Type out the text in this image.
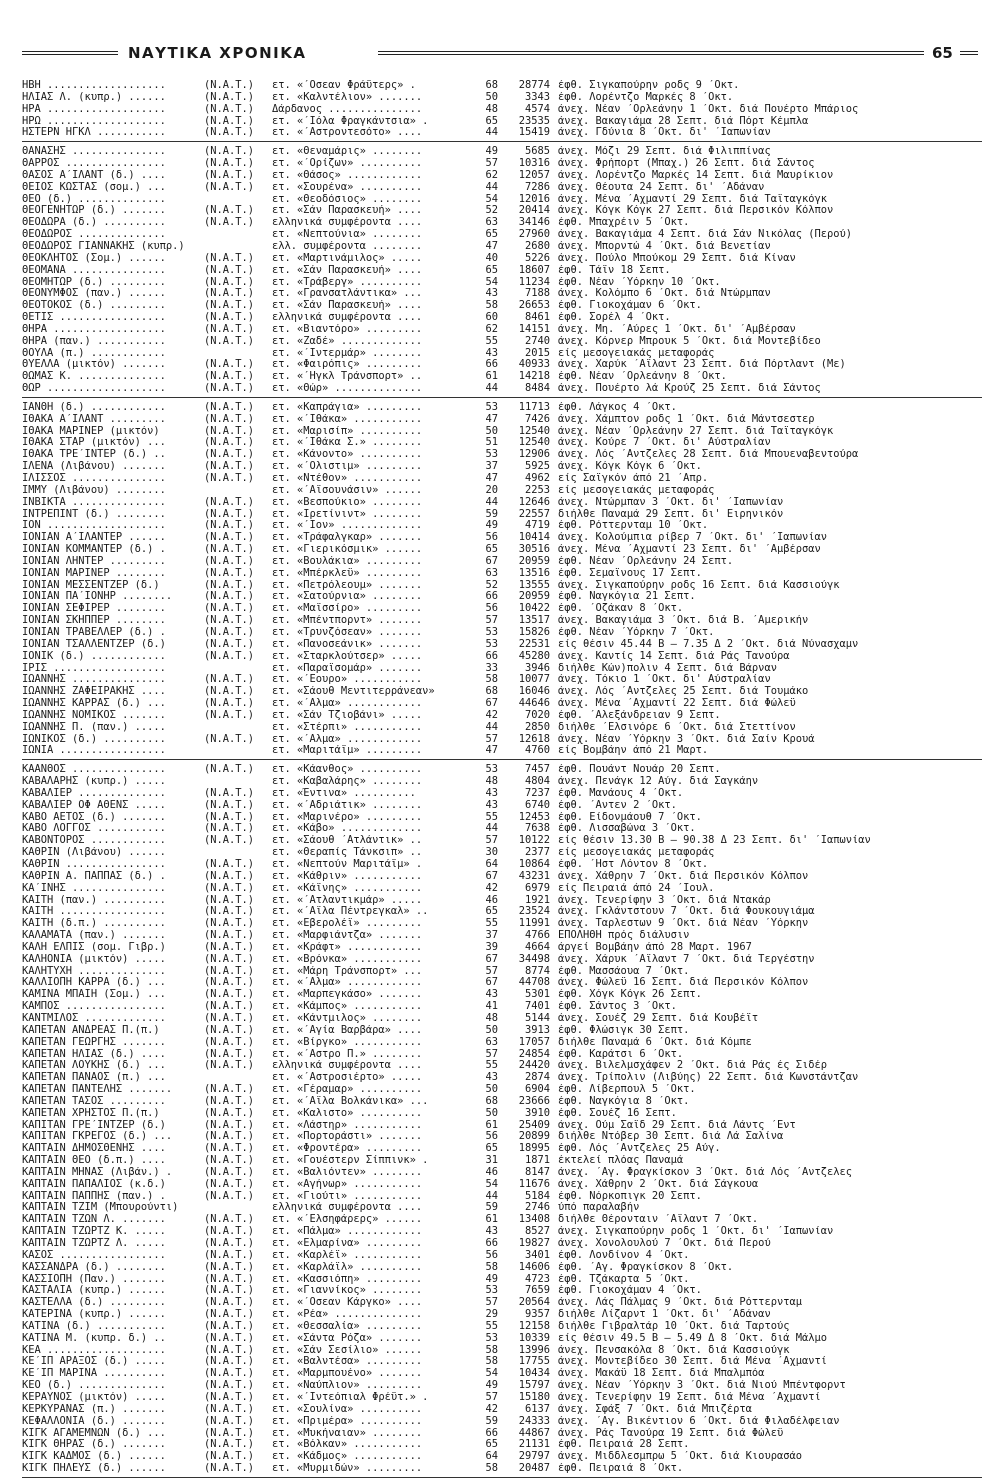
ΝΑΥΤΙΚΑ ΧΡΟΝΙΚΑ	65
ΗΒΗ ...................	(N.A.T.)	ετ. «΄Οσεαν Φράϋτερς» .	68	28774 έφθ. Σιγκαπούρην ροδς 9 ΄Οκτ.
ΗΛΙΑΣ Λ. (κυπρ.) ......	(N.A.T.)	ετ. «Καλντέλιον» .......	50	3343 έφθ. Λορέντζο Μαρκές 8 ΄Οκτ.
ΗΡΑ ...................	(N.A.T.)	Δάρδανος ...............	48	4574 άνεχ. Νέαν ΄Ορλεάνην 1 ΄Οκτ. διά Πουέρτο Μπάριος
ΗΡΩ ...................	(N.A.T.)	ετ. «΄Ιόλα Φραγκάντσια» .	65	23535 άνεχ. Βακαγιάμα 28 Σεπτ. διά Πόρτ Κέμπλα
ΗΣΤΕΡΝ ΗΓΚΛ ...........	(N.A.T.)	ετ. «΄Αστροντεσότο» ....	44	15419 άνεχ. Γδύνια 8 ΄Οκτ. δι' ΄Ιαπωνίαν
ΘΑΝΑΣΗΣ ...............	(N.A.T.)	ετ. «Θεναμάρις» ........	49	5685 άνεχ. Μόζι 29 Σεπτ. διά Φιλιππίνας
ΘΑΡΡΟΣ ................	(N.A.T.)	ετ. «΄Ορίζων» ..........	57	10316 άνεχ. Φρήπορτ (Μπαχ.) 26 Σεπτ. διά Σάντος
ΘΑΣΟΣ Α΄ΙΛΑΝΤ (δ.) ....	(N.A.T.)	ετ. «Θάσος» ............	62	12057 άνεχ. Λορέντζο Μαρκές 14 Σεπτ. διά Μαυρίκιον
ΘΕΙΟΣ ΚΩΣΤΑΣ (σομ.) ...	(N.A.T.)	ετ. «Σουρένα» ..........	44	7286 άνεχ. Θέουτα 24 Σεπτ. δι' ΄Αδάναν
ΘΕΟ (δ.) ..............	ετ. «Θεοδόσιος» ........	54	12016 άνεχ. Μένα ΄Αχμαντί 29 Σεπτ. διά Ταϊταγκόγκ
ΘΕΟΓΕΝΗΤΩΡ (δ.) .......	(N.A.T.)	ετ. «Σάν Παρασκευή» ....	52	20414 άνεχ. Κόγκ Κόγκ 27 Σεπτ. διά Περσικόν Κόλπον
ΘΕΟΔΩΡΑ (δ.) ..........	(N.A.T.)	ελληνικά συμφέροντα ....	63	34146 έφθ. Μπαχρέιν 5 ΄Οκτ.
ΘΕΟΔΩΡΟΣ ..............	ετ. «Νεπτούνια» ........	65	27960 άνεχ. Βακαγιάμα 4 Σεπτ. διά Σάν Νικόλας (Περού)
ΘΕΟΔΩΡΟΣ ΓΙΑΝΝΑΚΗΣ (κυπρ.)	ελλ. συμφέροντα ........	47	2680 άνεχ. Μπορντώ 4 ΄Οκτ. διά Βενετίαν
ΘΕΟΚΛΗΤΟΣ (Σομ.) ......	(N.A.T.)	ετ. «Μαρτινάμιλος» .....	40	5226 άνεχ. Πούλο Μπούκομ 29 Σεπτ. διά Κίναν
ΘΕΟΜΑΝΑ ...............	(N.A.T.)	ετ. «Σάν Παρασκευή» ....	65	18607 έφθ. Τάϊν 18 Σεπτ.
ΘΕΟΜΗΤΩΡ (δ.) .........	(N.A.T.)	ετ. «Τράβεργ» ..........	54	11234 έφθ. Νέαν ΄Υόρκην 10 ΄Οκτ.
ΘΕΟΝΥΜΦΟΣ (παν.) ......	(N.A.T.)	ετ. «Γρανσατλάντικα» ...	43	7188 άνεχ. Κολόμπο 6 ΄Οκτ. διά Ντώρμπαν
ΘΕΟΤΟΚΟΣ (δ.) .........	(N.A.T.)	ετ. «Σάν Παρασκευή» ....	58	26653 έφθ. Γιοκοχάμαν 6 ΄Οκτ.
ΘΕΤΙΣ .................	(N.A.T.)	ελληνικά συμφέροντα ....	60	8461 έφθ. Σορέλ 4 ΄Οκτ.
ΘΗΡΑ ..................	(N.A.T.)	ετ. «Βιαντόρο» .........	62	14151 άνεχ. Μη. ΄Αύρες 1 ΄Οκτ. δι' ΄Αμβέρσαν
ΘΗΡΑ (παν.) ...........	(N.A.T.)	ετ. «Ζαδέ» .............	55	2740 άνεχ. Κόρνερ Μπρουκ 5 ΄Οκτ. διά Μοντεβίδεο
ΘΟΥΛΑ (π.) ............	ετ. «΄Ιντερμάρ» ........	43	2015 είς μεσογειακάς μεταφοράς
ΘΥΕΛΛΑ (μικτόν) .......	(N.A.T.)	ετ. «Φαιρόπις» .........	66	40933 άνεχ. Χαρύκ ΄Αϊλαντ 23 Σεπτ. διά Πόρτλαντ (Με)
ΘΩΜΑΣ Κ. ..............	(N.A.T.)	ετ. «΄Ηγκλ Τράνσπορτ» ..	61	14218 έφθ. Νέαν ΄Ορλεάνην 8 ΄Οκτ.
ΘΩΡ ...................	(N.A.T.)	ετ. «Θώρ» ..............	44	8484 άνεχ. Πουέρτο λά Κρούζ 25 Σεπτ. διά Σάντος
ΙΑΝΘΗ (δ.) ............	(N.A.T.)	ετ. «Καπράγια» .........	53	11713 έφθ. Λάγκος 4 ΄Οκτ.
ΙΘΑΚΑ Α΄ΙΛΑΝΤ .........	(N.A.T.)	ετ. «΄Ιθάκα» ...........	47	7426 άνεχ. Χάμπτον ροδς 1 ΄Οκτ. διά Μάντσεστερ
ΙΘΑΚΑ ΜΑΡΙΝΕΡ (μικτόν)	(N.A.T.)	ετ. «Μαρισίπ» ..........	50	12540 άνεχ. Νέαν ΄Ορλεάνην 27 Σεπτ. διά Ταϊταγκόγκ
ΙΘΑΚΑ ΣΤΑΡ (μικτόν) ...	(N.A.T.)	ετ. «΄Ιθάκα Σ.» ........	51	12540 άνεχ. Κούρε 7 ΄Οκτ. δι' Αύστραλίαν
ΙΘΑΚΑ ΤΡΕ΄ΙΝΤΕΡ (δ.) ..	(N.A.T.)	ετ. «Κάνοντο» ..........	53	12906 άνεχ. Λός ΄Αντζελες 28 Σεπτ. διά Μπουεναβεντούρα
ΙΛΕΝΑ (Λιβάνου) .......	(N.A.T.)	ετ. «΄Ολιστιμ» .........	37	5925 άνεχ. Κόγκ Κόγκ 6 ΄Οκτ.
ΙΛΙΣΣΟΣ ...............	(N.A.T.)	ετ. «Ντέθον» ...........	47	4962 είς Σαϊγκόν άπό 21 ΄Απρ.
ΙΜΜΥ (Λιβάνου) ........	ετ. «΄Αϊσουνάσιν» ......	20	2253 είς μεσογειακάς μεταφοράς
ΙΝΒΙΚΤΑ ...............	(N.A.T.)	ετ. «Βεσπούκιο» ........	44	12646 άνεχ. Ντώρμπαν 3 ΄Οκτ. δι' ΄Ιαπωνίαν
ΙΝΤΡΕΠΙΝΤ (δ.) ........	(N.A.T.)	ετ. «Ιρετίνιντ» ........	59	22557 διήλθε Παναμά 29 Σεπτ. δι' Ειρηνικόν
ΙΟΝ ...................	(N.A.T.)	ετ. «΄Ιον» .............	49	4719 έφθ. Ρόττερνταμ 10 ΄Οκτ.
ΙΟΝΙΑΝ Α΄ΙΛΑΝΤΕΡ ......	(N.A.T.)	ετ. «Τράφαλγκαρ» .......	56	10414 άνεχ. Κολούμπια ρίβερ 7 ΄Οκτ. δι' ΄Ιαπωνίαν
ΙΟΝΙΑΝ ΚΟΜΜΑΝΤΕΡ (δ.) .	(N.A.T.)	ετ. «Γιερικόσμικ» ......	65	30516 άνεχ. Μένα ΄Αχμαντί 23 Σεπτ. δι' ΄Αμβέρσαν
ΙΟΝΙΑΝ ΛΗΝΤΕΡ .........	(N.A.T.)	ετ. «Βουλάκια» .........	67	20959 έφθ. Νέαν ΄Ορλεάνην 24 Σεπτ.
ΙΟΝΙΑΝ ΜΑΡΙΝΕΡ ........	(N.A.T.)	ετ. «Μπέρκλεϋ» .........	63	13516 έφθ. Σεμαϊνους 17 Σεπτ.
ΙΟΝΙΑΝ ΜΕΣΣΕΝΤΖΕΡ (δ.)	(N.A.T.)	ετ. «Πετρόλεουμ» .......	52	13555 άνεχ. Σιγκαπούρην ροδς 16 Σεπτ. διά Κασσιούγκ
ΙΟΝΙΑΝ ΠΑ΄ΙΟΝΗΡ ........	(N.A.T.)	ετ. «Σατούρνια» ........	66	20959 έφθ. Ναγκόγια 21 Σεπτ.
ΙΟΝΙΑΝ ΣΕΦΙΡΕΡ ........	(N.A.T.)	ετ. «Μαϊσσίρο» .........	56	10422 έφθ. ΄Οζάκαν 8 ΄Οκτ.
ΙΟΝΙΑΝ ΣΚΗΠΠΕΡ ........	(N.A.T.)	ετ. «Μπέντπορντ» .......	57	13517 άνεχ. Βακαγιάμα 3 ΄Οκτ. διά Β. ΄Αμερικήν
ΙΟΝΙΑΝ ΤΡΑΒΕΛΛΕΡ (δ.) .	(N.A.T.)	ετ. «Τρυνζόσεαν» .......	53	15826 έφθ. Νέαν ΄Υόρκην 7 ΄Οκτ.
ΙΟΝΙΑΝ ΤΣΑΛΛΕΝΤΖΕΡ (δ.)	(N.A.T.)	ετ. «Πανοσεάνικ» .......	53	22531 είς θέσιν 45.44 Β — 7.35 Δ 2 ΄Οκτ. διά Νύνασχαμν
ΙΟΝΙΚ (δ.) ............	(N.A.T.)	ετ. «Σταρκλούτσερ» .....	66	45280 άνεχ. Καντίς 14 Σεπτ. διά Ράς Τανούρα
ΙΡΙΣ ..................	ετ. «Παραϊσομάρ» .......	33	3946 διήλθε Κών)πολιν 4 Σεπτ. διά Βάρναν
ΙΩΑΝΝΗΣ ...............	(N.A.T.)	ετ. «΄Εουρο» ...........	58	10077 άνεχ. Τόκιο 1 ΄Οκτ. δι' Αύστραλίαν
ΙΩΑΝΝΗΣ ΖΑΦΕΙΡΑΚΗΣ ....	(N.A.T.)	ετ. «Σάουθ Μεντιτερράνεαν»	68	16046 άνεχ. Λός ΄Αντζελες 25 Σεπτ. διά Τουμάκο
ΙΩΑΝΝΗΣ ΚΑΡΡΑΣ (δ.) ...	(N.A.T.)	ετ. «΄Αλμα» ............	67	44646 άνεχ. Μένα ΄Αχμαντί 22 Σεπτ. διά Φώλεϋ
ΙΩΑΝΝΗΣ ΝΟΜΙΚΟΣ .......	(N.A.T.)	ετ. «Σάν Τζιοβάνι» .....	42	7020 έφθ. ΄Αλεξάνδρειαν 9 Σεπτ.
ΙΩΑΝΝΗΣ Π. (παν.) .....	ετ. «Στέρπι» ...........	44	2850 διήλθε ΄Ελσινόρε 6 ΄Οκτ. διά Στεττίνον
ΙΩΝΙΚΟΣ (δ.) ..........	(N.A.T.)	ετ. «΄Αλμα» ............	57	12618 άνεχ. Νέαν ΄Υόρκην 3 ΄Οκτ. διά Σαίν Κρουά
ΙΩΝΙΑ .................	ετ. «Μαριτάϊμ» .........	47	4760 είς Βομβάην άπό 21 Μαρτ.
ΚΑΑΝΘΟΣ ...............	(N.A.T.)	ετ. «Κάανθος» ..........	53	7457 έφθ. Πουάντ Νουάρ 20 Σεπτ.
ΚΑΒΑΛΑΡΗΣ (κυπρ.) .....	ετ. «Καβαλάρης» ........	48	4804 άνεχ. Πενάγκ 12 Αύγ. διά Σαγκάην
ΚΑΒΑΛΙΕΡ ..............	(N.A.T.)	ετ. «Έντινα» ..........	43	7237 έφθ. Μανάους 4 ΄Οκτ.
ΚΑΒΑΛΙΕΡ ΟΦ ΑΘΕΝΣ .....	(N.A.T.)	ετ. «΄Αδριάτικ» ........	43	6740 έφθ. ΄Αντεν 2 ΄Οκτ.
ΚΑΒΟ ΑΕΤΟΣ (δ.) .......	(N.A.T.)	ετ. «Μαρινέρο» .........	55	12453 έφθ. Είδονμάουθ 7 ΄Οκτ.
ΚΑΒΟ ΛΟΓΓΟΣ ...........	(N.A.T.)	ετ. «Κάβο» .............	44	7638 έφθ. Λισσαβώνα 3 ΄Οκτ.
ΚΑΒΟΝΤΟΡΟΣ ............	(N.A.T.)	ετ. «Σάουθ ΄Ατλάντικ» ..	57	10122 είς θέσιν 13.30 Β — 90.38 Δ 23 Σεπτ. δι' ΄Ιαπωνίαν
ΚΑΘΡΙΝ (Λιβάνου) ......	ετ. «Θεραπίς Τάνκσιπ» ..	30	2377 είς μεσογειακάς μεταφοράς
ΚΑΘΡΙΝ ................	(N.A.T.)	ετ. «Νεπτούν Μαριτάϊμ» .	64	10864 έφθ. ΄Ηστ Λόντον 8 ΄Οκτ.
ΚΑΘΡΙΝ Α. ΠΑΠΠΑΣ (δ.) .	(N.A.T.)	ετ. «Κάθριν» ...........	67	43231 άνεχ. Χάθρην 7 ΄Οκτ. διά Περσικόν Κόλπον
ΚΑ΄ΙΝΗΣ ...............	(N.A.T.)	ετ. «Κάϊνης» ...........	42	6979 είς Πειραιά άπό 24 ΄Ιουλ.
ΚΑΙΤΗ (παν.) ..........	(N.A.T.)	ετ. «΄Ατλαντικμάρ» .....	46	1921 άνεχ. Τενερίφην 3 ΄Οκτ. διά Ντακάρ
ΚΑΙΤΗ .................	(N.A.T.)	ετ. «΄Αϊλα Πέντρεγκαλ» ..	65	23524 άνεχ. Γκλάντστουν 7 ΄Οκτ. διά Φουκουγιάμα
ΚΑΙΤΗ (δ.π.) ..........	(N.A.T.)	ετ. «Εβερολέϊ» .........	55	11991 άνεχ. Ταρλεστων 9 ΄Οκτ. διά Νέαν ΄Υόρκην
ΚΑΛΑΜΑΤΑ (παν.) .......	(N.A.T.)	ετ. «Μαρφιάντζα» .......	37	4766 ΕΠΟΛΗΘΗ πρός διάλυσιν
ΚΑΛΗ ΕΛΠΙΣ (σομ. Γιβρ.)	(N.A.T.)	ετ. «Κράφτ» ............	39	4664 άργεί Βομβάην άπό 28 Μαρτ. 1967
ΚΑΛΗΟΝΙΑ (μικτόν) .....	(N.A.T.)	ετ. «Βρόνκα» ...........	67	34498 άνεχ. Χάρυκ ΄Αϊλαντ 7 ΄Οκτ. διά Τεργέστην
ΚΑΛΗΤΥΧΗ ..............	(N.A.T.)	ετ. «Μάρη Τράνσπορτ» ...	57	8774 έφθ. Μασσάουα 7 ΄Οκτ.
ΚΑΛΛΙΟΠΗ ΚΑΡΡΑ (δ.) ...	(N.A.T.)	ετ. «΄Αλμα» ............	67	44708 άνεχ. Φώλεϋ 16 Σεπτ. διά Περσικόν Κόλπον
ΚΑΜΙΝΑ ΜΠΑΙΗ (Σομ.) ...	(N.A.T.)	ετ. «Μαρπεγκάσο» .......	43	5301 έφθ. Χόγκ Κόγκ 26 Σεπτ.
ΚΑΜΠΟΣ ................	(N.A.T.)	ετ. «Κάμπος» ...........	41	7401 έφθ. Σάντος 3 ΄Οκτ.
ΚΑΝΤΜΙΛΟΣ .............	(N.A.T.)	ετ. «Κάντμιλος» ........	48	5144 άνεχ. Σουέζ 29 Σεπτ. διά Κουβέϊτ
ΚΑΠΕΤΑΝ ΑΝΔΡΕΑΣ Π.(π.)	(N.A.T.)	ετ. «΄Αγία Βαρβάρα» ....	50	3913 έφθ. Φλώσιγκ 30 Σεπτ.
ΚΑΠΕΤΑΝ ΓΕΩΡΓΗΣ .......	(N.A.T.)	ετ. «Βίργκο» ...........	63	17057 διήλθε Παναμά 6 ΄Οκτ. διά Κόμπε
ΚΑΠΕΤΑΝ ΗΛΙΑΣ (δ.) ....	(N.A.T.)	ετ. «΄Αστρο Π.» ........	57	24854 έφθ. Καράτσι 6 ΄Οκτ.
ΚΑΠΕΤΑΝ ΛΟΥΚΗΣ (δ.) ...	(N.A.T.)	ελληνικά συμφέροντα ....	55	24420 άνεχ. Βιλελμσχάφεν 2 ΄Οκτ. διά Ράς ές Σιδέρ
ΚΑΠΕΤΑΝ ΠΑΝΑΟΣ (π.) ...	ετ. «΄Αστροσιέρτο» .....	43	2874 άνεχ. Τρίπολιν (Λιβύης) 22 Σεπτ. διά Κωνστάντζαν
ΚΑΠΕΤΑΝ ΠΑΝΤΕΛΗΣ .......	(N.A.T.)	ετ. «Γέραμαρ» ..........	50	6904 έφθ. Λίβερπουλ 5 ΄Οκτ.
ΚΑΠΕΤΑΝ ΤΑΣΟΣ .........	(N.A.T.)	ετ. «΄Αϊλα Βολκάνικα» ...	68	23666 έφθ. Ναγκόγια 8 ΄Οκτ.
ΚΑΠΕΤΑΝ ΧΡΗΣΤΟΣ Π.(π.)	(N.A.T.)	ετ. «Καλιστο» ..........	50	3910 έφθ. Σουέζ 16 Σεπτ.
ΚΑΠΙΤΑΝ ΓΡΕ΄ΙΝΤΖΕΡ (δ.)	(N.A.T.)	ετ. «Λάστηρ» ...........	61	25409 άνεχ. Ούμ Σαΐδ 29 Σεπτ. διά Λάντς ΄Εντ
ΚΑΠΙΤΑΝ ΓΚΡΕΓΟΣ (δ.) ...	(N.A.T.)	ετ. «Πορτοράστι» .......	56	20899 διήλθε Ντόβερ 30 Σεπτ. διά Λά Σαλίνα
ΚΑΠΤΑΙΝ ΔΗΜΟΣΘΕΝΗΣ ....	(N.A.T.)	ετ. «Φροντέρα» .........	65	18995 έφθ. Λός ΄Αντζελες 25 Αύγ.
ΚΑΠΤΑΙΝ ΘΕΟ (δ.π.) ....	(N.A.T.)	ετ. «Γουέστερν Σίππινκ» .	31	1871 έκτελεί πλόας Παναμά
ΚΑΠΤΑΙΝ ΜΗΝΑΣ (Λιβάν.) .	(N.A.T.)	ετ. «Βαλιόντεν» ........	46	8147 άνεχ. ΄Αγ. Φραγκίσκον 3 ΄Οκτ. διά Λός ΄Αντζελες
ΚΑΠΤΑΙΝ ΠΑΠΑΛΙΟΣ (κ.δ.)	(N.A.T.)	ετ. «Αγήνωρ» ...........	54	11676 άνεχ. Χάθρην 2 ΄Οκτ. διά Σάγκουα
ΚΑΠΤΑΙΝ ΠΑΠΠΗΣ (παν.) .	(N.A.T.)	ετ. «Γιούτι» ...........	44	5184 έφθ. Νόρκοπιγκ 20 Σεπτ.
ΚΑΠΤΑΙΝ ΤΖΙΜ (Μπουρούντι)	ελληνικά συμφέροντα ....	59	2746 ύπό παραλαβήν
ΚΑΠΤΑΙΝ ΤΖΩΝ Λ. .......	(N.A.T.)	ετ. «΄Ελσηφάρερς» ......	61	13408 διήλθε Θέρονταιν ΄Αϊλαντ 7 ΄Οκτ.
ΚΑΠΤΑΙΝ ΤΖΩΡΤΖ Κ. .....	(N.A.T.)	ετ. «Πάλμα» ............	43	8527 άνεχ. Σιγκαπούρην ροδς 1 ΄Οκτ. δι' ΄Ιαπωνίαν
ΚΑΠΤΑΙΝ ΤΖΩΡΤΖ Λ. .....	(N.A.T.)	ετ. «Ελμαρίνα» .........	66	19827 άνεχ. Χονολουλού 7 ΄Οκτ. διά Περού
ΚΑΣΟΣ .................	(N.A.T.)	ετ. «Καρλέϊ» ...........	56	3401 έφθ. Λονδίνον 4 ΄Οκτ.
ΚΑΣΣΑΝΔΡΑ (δ.) ........	(N.A.T.)	ετ. «Καρλάϊλ» ..........	58	14606 έφθ. ΄Αγ. Φραγκίσκον 8 ΄Οκτ.
ΚΑΣΣΙΟΠΗ (Παν.) .......	(N.A.T.)	ετ. «Κασσιόπη» .........	49	4723 έφθ. Τζάκαρτα 5 ΄Οκτ.
ΚΑΣΤΑΛΙΑ (κυπρ.) ......	(N.A.T.)	ετ. «Γιαννίκος» ........	53	7659 έφθ. Γιοκοχάμαν 4 ΄Οκτ.
ΚΑΣΤΕΛΛΑ (δ.) .........	(N.A.T.)	ετ. «΄Οσεαν Κάργκο» ....	57	20564 άνεχ. Λάς Πάλμας 9 ΄Οκτ. διά Ρόττερνταμ
ΚΑΤΕΡΙΝΑ (κυπρ.) ......	(N.A.T.)	ετ. «Ρέα» ..............	29	9357 διήλθε Λίζαρντ 1 ΄Οκτ. δι' ΄Αδάναν
ΚΑΤΙΝΑ (δ.) ...........	(N.A.T.)	ετ. «Θεσσαλία» .........	55	12158 διήλθε Γιβραλτάρ 10 ΄Οκτ. διά Ταρτούς
ΚΑΤΙΝΑ Μ. (κυπρ. δ.) ..	(N.A.T.)	ετ. «Σάντα Ρόζα» .......	53	10339 είς θέσιν 49.5 Β — 5.49 Δ 8 ΄Οκτ. διά Μάλμο
ΚΕΑ ...................	(N.A.T.)	ετ. «Σάν Σεσίλιο» ......	58	13996 άνεχ. Πενσακόλα 8 ΄Οκτ. διά Κασσιούγκ
ΚΕ΄ΙΠ ΑΡΑΞΟΣ (δ.) .....	(N.A.T.)	ετ. «Βαλντέσα» .........	58	17755 άνεχ. Μοντεβίδεο 30 Σεπτ. διά Μένα ΄Αχμαντί
ΚΕ΄ΙΠ ΜΑΡΙΝΑ ..........	(N.A.T.)	ετ. «Μαρμπουένο» .......	54	10434 άνεχ. Μακάϋ 18 Σεπτ. διά Μπαλμπόα
ΚΕΟ (δ.) ..............	(N.A.T.)	ετ. «Ναύπλιον» .........	49	15797 άνεχ. Νέαν ΄Υόρκην 3 ΄Οκτ. διά Νιού Μπέντφορντ
ΚΕΡΑΥΝΟΣ (μικτόν) .....	(N.A.T.)	ετ. «΄Ιντεόπιαλ Φρέϋτ.» .	57	15180 άνεχ. Τενερίφην 19 Σεπτ. διά Μένα ΄Αχμαντί
ΚΕΡΚΥΡΑΝΑΣ (π.) .......	(N.A.T.)	ετ. «Σουλίνα» ..........	42	6137 άνεχ. Σφάξ 7 ΄Οκτ. διά Μπιζέρτα
ΚΕΦΑΛΛΟΝΙΑ (δ.) .......	(N.A.T.)	ετ. «Πριμέρα» ..........	59	24333 άνεχ. ΄Αγ. Βικέντιον 6 ΄Οκτ. διά Φιλαδέλφειαν
ΚΙΓΚ ΑΓΑΜΕΜΝΩΝ (δ.) ...	(N.A.T.)	ετ. «Μυκήναιαν» ........	66	44867 άνεχ. Ράς Τανούρα 19 Σεπτ. διά Φώλεϋ
ΚΙΓΚ ΘΗΡΑΣ (δ.) .......	(N.A.T.)	ετ. «Βόλκαν» ...........	65	21131 έφθ. Πειραιά 28 Σεπτ.
ΚΙΓΚ ΚΑΔΜΟΣ (δ.) ......	(N.A.T.)	ετ. «Κάδμος» ...........	64	29797 άνεχ. Μιδδλεσμπρω 5 ΄Οκτ. διά Κιουρασάο
ΚΙΓΚ ΠΗΛΕΥΣ (δ.) ......	(N.A.T.)	ετ. «Μυρμιδών» .........	58	20487 έφθ. Πειραιά 8 ΄Οκτ.
